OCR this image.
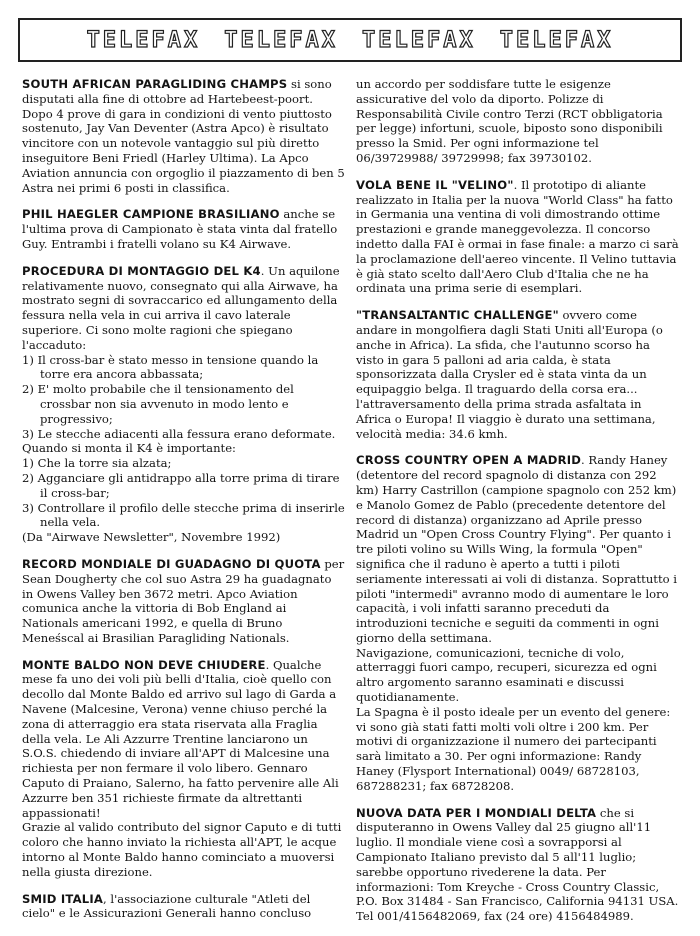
TELEFAX TELEFAX TELEFAX TELEFAX

SOUTH AFRICAN PARAGLIDING CHAMPS si sono disputati alla fine di ottobre ad Hartebeest-poort. Dopo 4 prove di gara in condizioni di vento piuttosto sostenuto, Jay Van Deventer (Astra Apco) è risultato vincitore con un notevole vantaggio sul più diretto inseguitore Beni Friedl (Harley Ultima). La Apco Aviation annuncia con orgoglio il piazzamento di ben 5 Astra nei primi 6 posti in classifica.

PHIL HAEGLER CAMPIONE BRASILIANO anche se l'ultima prova di Campionato è stata vinta dal fratello Guy. Entrambi i fratelli volano su K4 Airwave.

PROCEDURA DI MONTAGGIO DEL K4. Un aquilone relativamente nuovo, consegnato qui alla Airwave, ha mostrato segni di sovraccarico ed allungamento della fessura nella vela in cui arriva il cavo laterale superiore. Ci sono molte ragioni che spiegano l'accaduto:

1) Il cross-bar è stato messo in tensione quando la torre era ancora abbassata;
2) E' molto probabile che il tensionamento del crossbar non sia avvenuto in modo lento e progressivo;
3) Le stecche adiacenti alla fessura erano deformate.

Quando si monta il K4 è importante:

1) Che la torre sia alzata;
2) Agganciare gli antidrappo alla torre prima di tirare il cross-bar;
3) Controllare il profilo delle stecche prima di inserirle nella vela.

(Da "Airwave Newsletter", Novembre 1992)

RECORD MONDIALE DI GUADAGNO DI QUOTA per Sean Dougherty che col suo Astra 29 ha guadagnato in Owens Valley ben 3672 metri. Apco Aviation comunica anche la vittoria di Bob England ai Nationals americani 1992, e quella di Bruno Meneśscal ai Brasilian Paragliding Nationals.

MONTE BALDO NON DEVE CHIUDERE. Qualche mese fa uno dei voli più belli d'Italia, cioè quello con decollo dal Monte Baldo ed arrivo sul lago di Garda a Navene (Malcesine, Verona) venne chiuso perché la zona di atterraggio era stata riservata alla Fraglia della vela. Le Ali Azzurre Trentine lanciarono un S.O.S. chiedendo di inviare all'APT di Malcesine una richiesta per non fermare il volo libero. Gennaro Caputo di Praiano, Salerno, ha fatto pervenire alle Ali Azzurre ben 351 richieste firmate da altrettanti appassionati!

Grazie al valido contributo del signor Caputo e di tutti coloro che hanno inviato la richiesta all'APT, le acque intorno al Monte Baldo hanno cominciato a muoversi nella giusta direzione.

SMID ITALIA, l'associazione culturale "Atleti del cielo" e le Assicurazioni Generali hanno concluso

un accordo per soddisfare tutte le esigenze assicurative del volo da diporto. Polizze di Responsabilità Civile contro Terzi (RCT obbligatoria per legge) infortuni, scuole, biposto sono disponibili presso la Smid. Per ogni informazione tel 06/39729988/ 39729998; fax 39730102.

VOLA BENE IL "VELINO". Il prototipo di aliante realizzato in Italia per la nuova "World Class" ha fatto in Germania una ventina di voli dimostrando ottime prestazioni e grande maneggevolezza. Il concorso indetto dalla FAI è ormai in fase finale: a marzo ci sarà la proclamazione dell'aereo vincente. Il Velino tuttavia è già stato scelto dall'Aero Club d'Italia che ne ha ordinata una prima serie di esemplari.

"TRANSALTANTIC CHALLENGE" ovvero come andare in mongolfiera dagli Stati Uniti all'Europa (o anche in Africa). La sfida, che l'autunno scorso ha visto in gara 5 palloni ad aria calda, è stata sponsorizzata dalla Crysler ed è stata vinta da un equipaggio belga. Il traguardo della corsa era... l'attraversamento della prima strada asfaltata in Africa o Europa! Il viaggio è durato una settimana, velocità media: 34.6 kmh.

CROSS COUNTRY OPEN A MADRID. Randy Haney (detentore del record spagnolo di distanza con 292 km) Harry Castrillon (campione spagnolo con 252 km) e Manolo Gomez de Pablo (precedente detentore del record di distanza) organizzano ad Aprile presso Madrid un "Open Cross Country Flying". Per quanto i tre piloti volino su Wills Wing, la formula "Open" significa che il raduno è aperto a tutti i piloti seriamente interessati ai voli di distanza. Soprattutto i piloti "intermedi" avranno modo di aumentare le loro capacità, i voli infatti saranno preceduti da introduzioni tecniche e seguiti da commenti in ogni giorno della settimana.

Navigazione, comunicazioni, tecniche di volo, atterraggi fuori campo, recuperi, sicurezza ed ogni altro argomento saranno esaminati e discussi quotidianamente.

La Spagna è il posto ideale per un evento del genere: vi sono già stati fatti molti voli oltre i 200 km. Per motivi di organizzazione il numero dei partecipanti sarà limitato a 30. Per ogni informazione: Randy Haney (Flysport International) 0049/ 68728103, 687288231; fax 68728208.

NUOVA DATA PER I MONDIALI DELTA che si disputeranno in Owens Valley dal 25 giugno all'11 luglio. Il mondiale viene così a sovrapporsi al Campionato Italiano previsto dal 5 all'11 luglio; sarebbe opportuno rivederene la data. Per informazioni: Tom Kreyche - Cross Country Classic, P.O. Box 31484 - San Francisco, California 94131 USA. Tel 001/4156482069, fax (24 ore) 4156484989.
